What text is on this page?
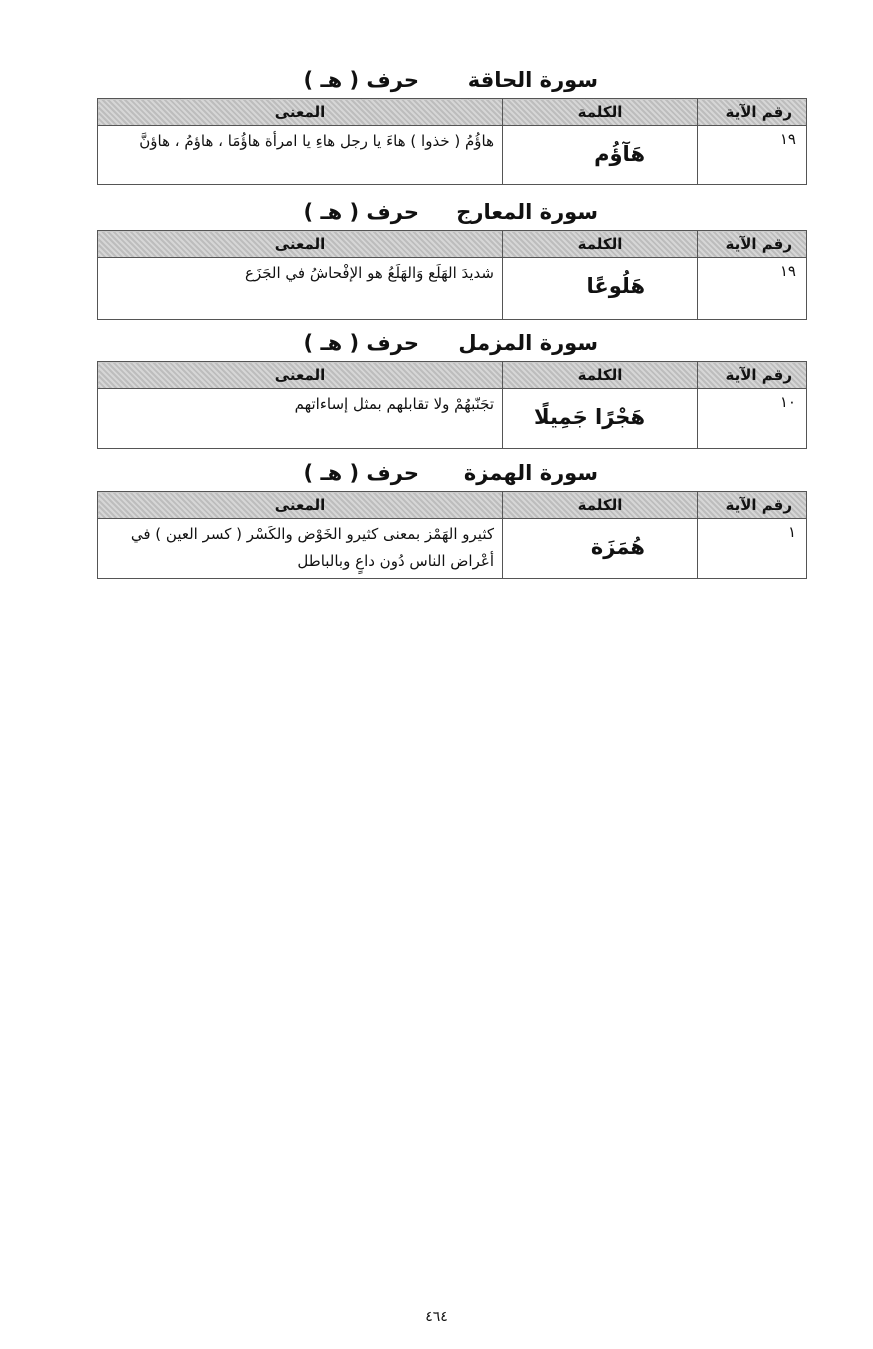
سورة الحاقة
حرف ( هـ )
رقم الآية	الكلمة	المعنى
١٩	هَآؤُم	هاؤُمُ ( خذوا ) هاءَ يا رجل هاءِ يا امرأة هاؤُمَا ، هاؤمُ ، هاؤنَّ
سورة المعارج
حرف ( هـ )
رقم الآية	الكلمة	المعنى
١٩	هَلُوعًا	شديدَ الهَلَع وَالهَلَعُ هو الإفْحاشُ في الجَزَع
سورة المزمل
حرف ( هـ )
رقم الآية	الكلمة	المعنى
١٠	هَجْرًا جَمِيلًا	تجَنّبهُمْ ولا تقابلهم بمثل إساءاتهم
سورة الهمزة
حرف ( هـ )
رقم الآية	الكلمة	المعنى
١	هُمَزَة	كثيرو الهَمْز بمعنى كثيرو الخَوْض والكَسْر ( كسر العين ) في أعْراض الناس دُون داعٍ وبالباطل
٤٦٤
